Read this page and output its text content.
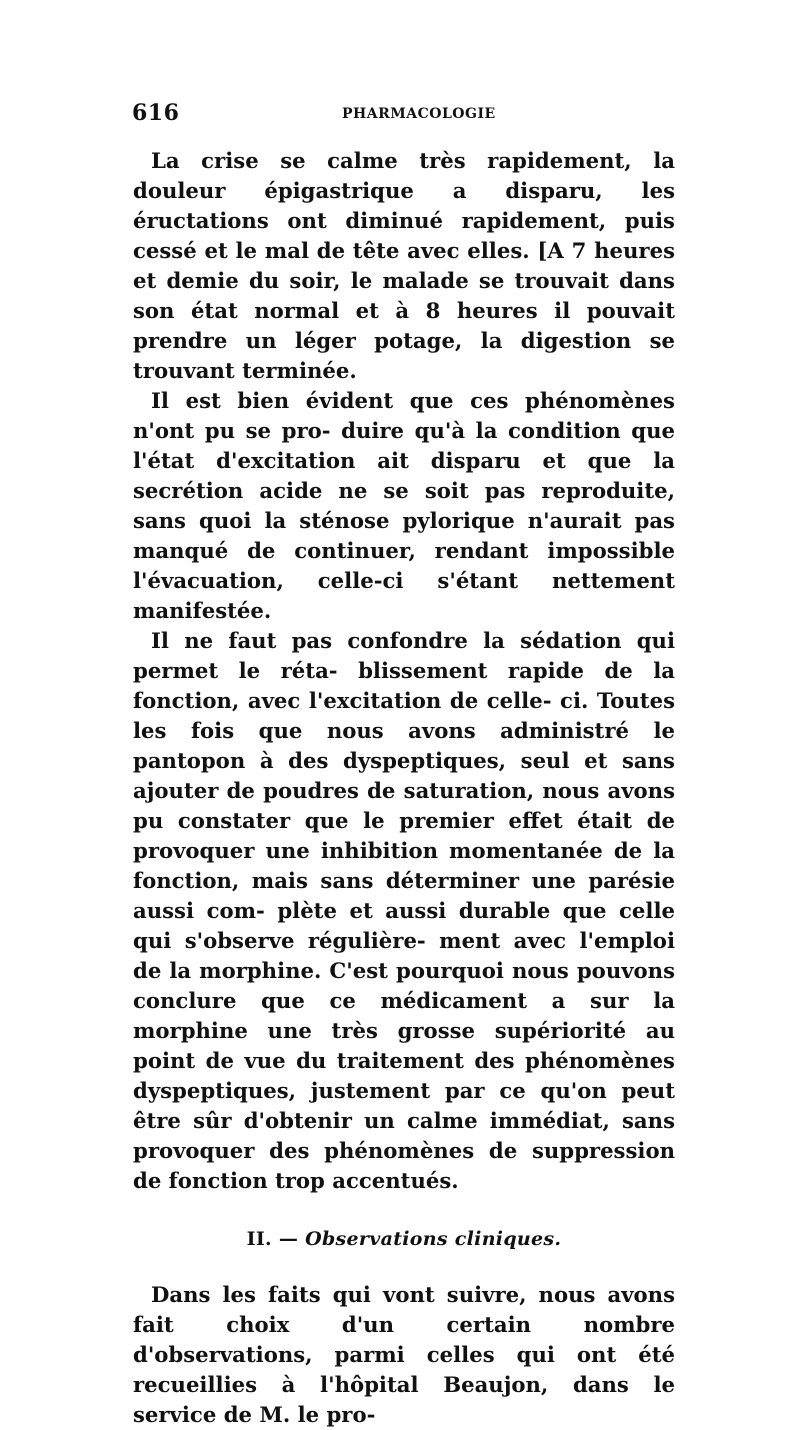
616	PHARMACOLOGIE

La crise se calme très rapidement, la douleur épigastrique a disparu, les éructations ont diminué rapidement, puis cessé et le mal de tête avec elles. [A 7 heures et demie du soir, le malade se trouvait dans son état normal et à 8 heures il pouvait prendre un léger potage, la digestion se trouvant terminée.

Il est bien évident que ces phénomènes n'ont pu se pro- duire qu'à la condition que l'état d'excitation ait disparu et que la secrétion acide ne se soit pas reproduite, sans quoi la sténose pylorique n'aurait pas manqué de continuer, rendant impossible l'évacuation, celle-ci s'étant nettement manifestée.

Il ne faut pas confondre la sédation qui permet le réta- blissement rapide de la fonction, avec l'excitation de celle- ci. Toutes les fois que nous avons administré le pantopon à des dyspeptiques, seul et sans ajouter de poudres de saturation, nous avons pu constater que le premier effet était de provoquer une inhibition momentanée de la fonction, mais sans déterminer une parésie aussi com- plète et aussi durable que celle qui s'observe régulière- ment avec l'emploi de la morphine. C'est pourquoi nous pouvons conclure que ce médicament a sur la morphine une très grosse supériorité au point de vue du traitement des phénomènes dyspeptiques, justement par ce qu'on peut être sûr d'obtenir un calme immédiat, sans provoquer des phénomènes de suppression de fonction trop accentués.

II. — Observations cliniques.

Dans les faits qui vont suivre, nous avons fait choix d'un certain nombre d'observations, parmi celles qui ont été recueillies à l'hôpital Beaujon, dans le service de M. le pro-
